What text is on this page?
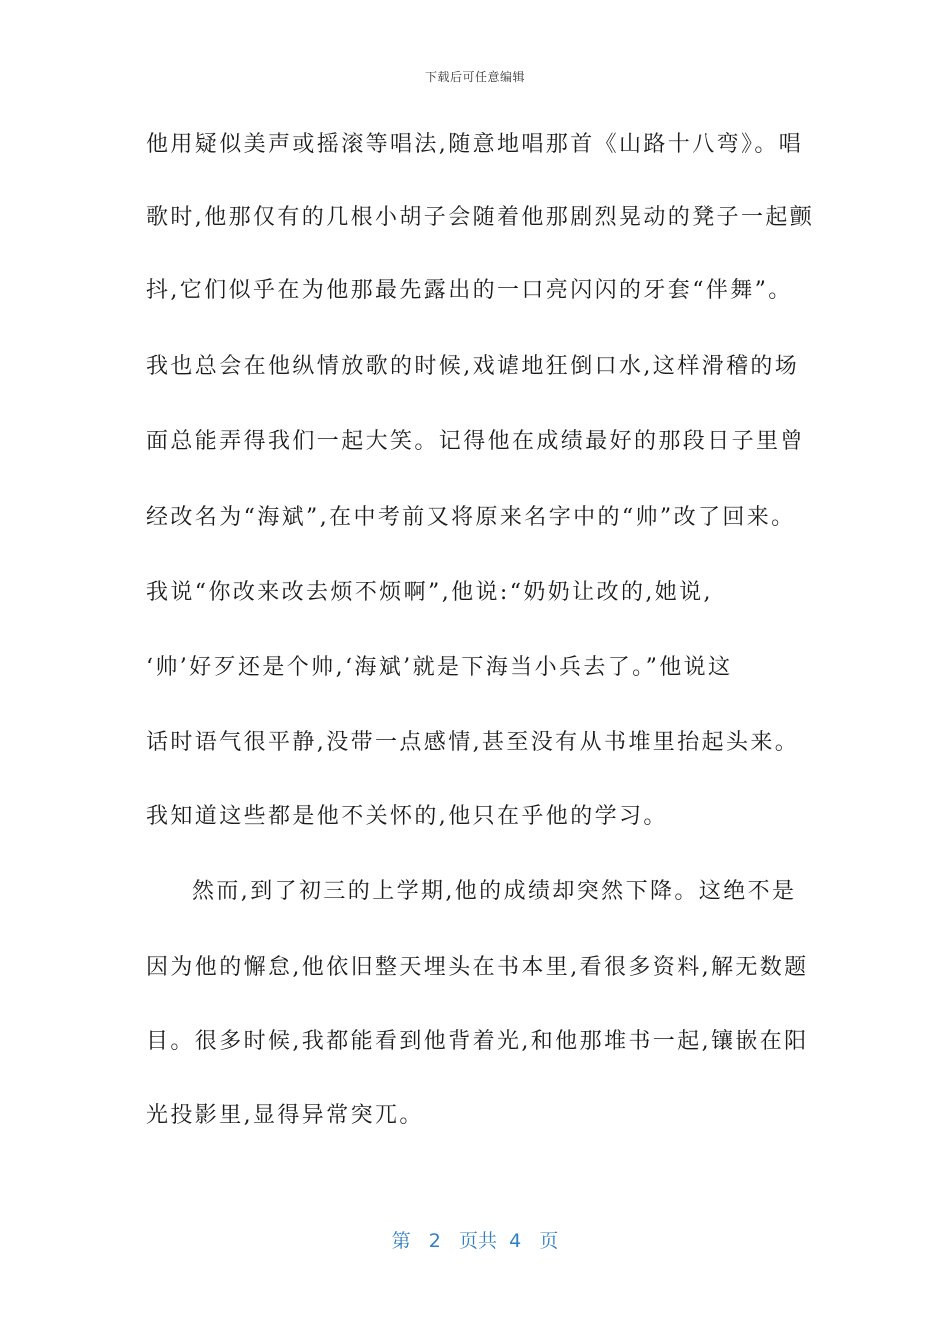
下载后可任意编辑
他用疑似美声或摇滚等唱法,随意地唱那首《山路十八弯》。唱
歌时,他那仅有的几根小胡子会随着他那剧烈晃动的凳子一起颤
抖,它们似乎在为他那最先露出的一口亮闪闪的牙套“伴舞”。
我也总会在他纵情放歌的时候,戏谑地狂倒口水,这样滑稽的场
面总能弄得我们一起大笑。记得他在成绩最好的那段日子里曾
经改名为“海斌”,在中考前又将原来名字中的“帅”改了回来。
我说“你改来改去烦不烦啊”,他说:“奶奶让改的,她说,
‘帅’好歹还是个帅,‘海斌’就是下海当小兵去了。”他说这
话时语气很平静,没带一点感情,甚至没有从书堆里抬起头来。
我知道这些都是他不关怀的,他只在乎他的学习。
然而,到了初三的上学期,他的成绩却突然下降。这绝不是
因为他的懈怠,他依旧整天埋头在书本里,看很多资料,解无数题
目。很多时候,我都能看到他背着光,和他那堆书一起,镶嵌在阳
光投影里,显得异常突兀。
第 2 页共 4 页
